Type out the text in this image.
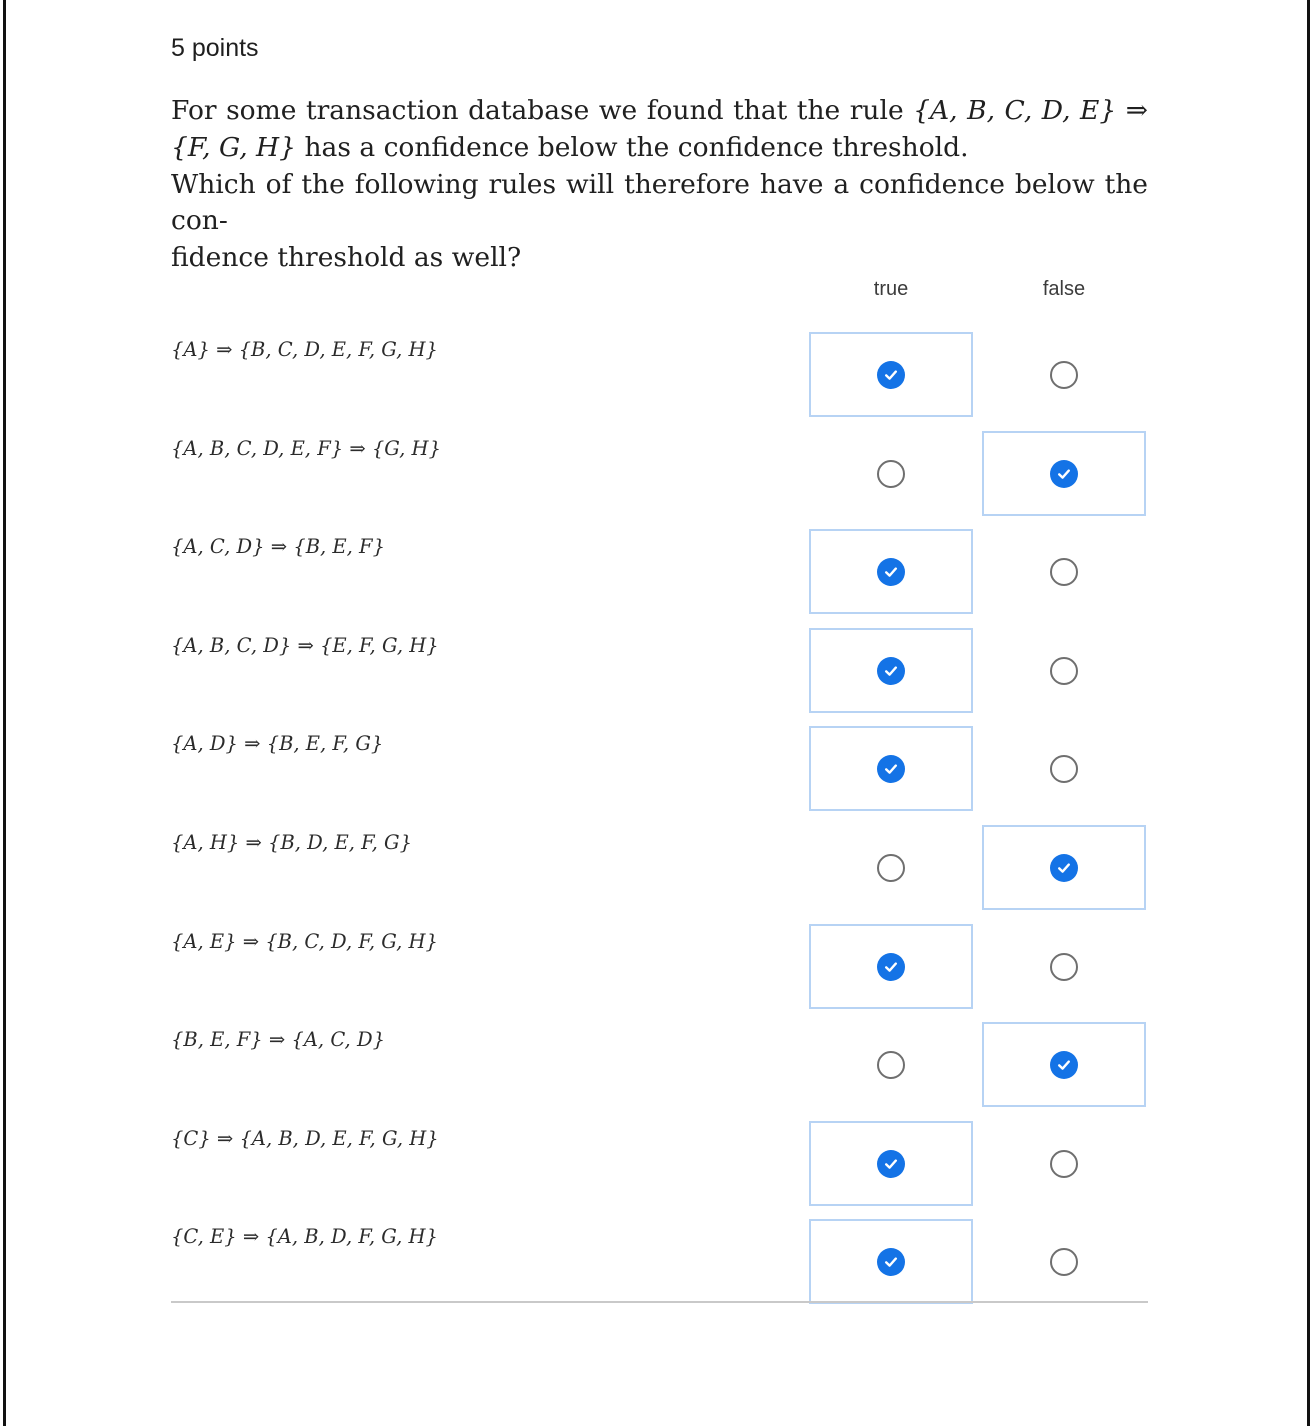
5 points

For some transaction database we found that the rule {A, B, C, D, E} ⇒

{F, G, H} has a confidence below the confidence threshold.

Which of the following rules will therefore have a confidence below the con-

fidence threshold as well?

true	false
{A} ⇒ {B, C, D, E, F, G, H}
{A, B, C, D, E, F} ⇒ {G, H}
{A, C, D} ⇒ {B, E, F}
{A, B, C, D} ⇒ {E, F, G, H}
{A, D} ⇒ {B, E, F, G}
{A, H} ⇒ {B, D, E, F, G}
{A, E} ⇒ {B, C, D, F, G, H}
{B, E, F} ⇒ {A, C, D}
{C} ⇒ {A, B, D, E, F, G, H}
{C, E} ⇒ {A, B, D, F, G, H}
